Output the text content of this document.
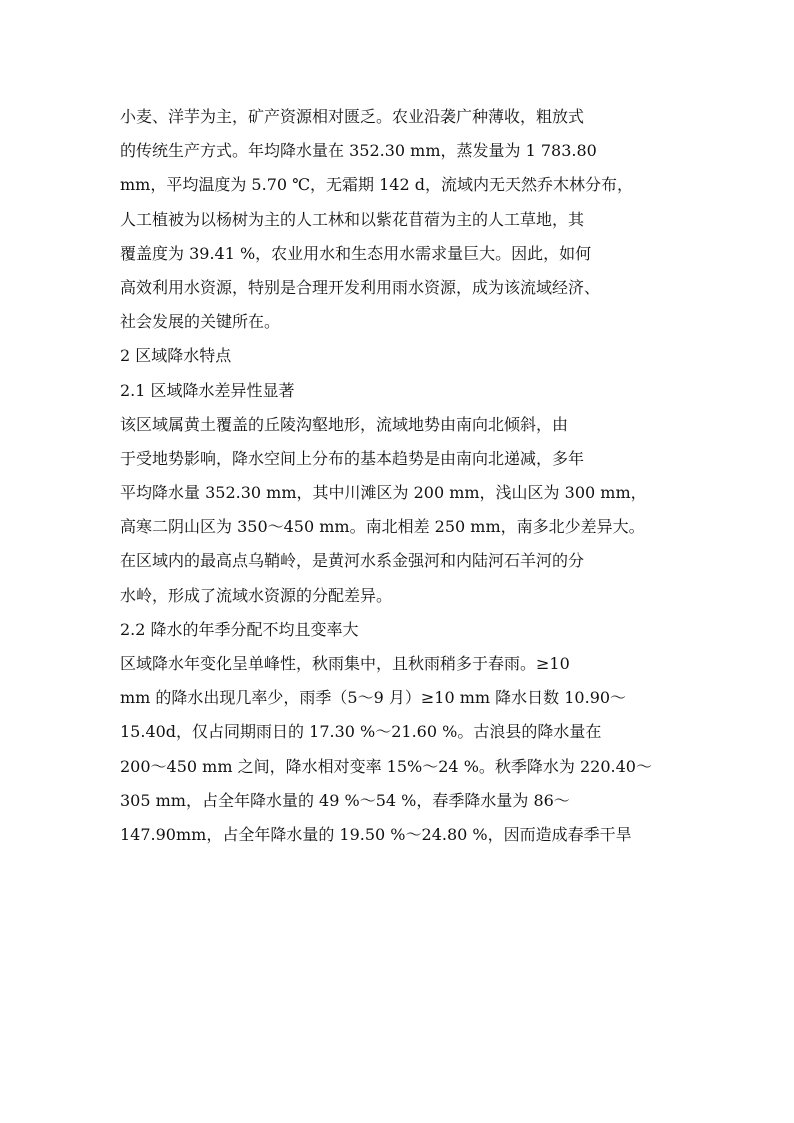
小麦、洋芋为主，矿产资源相对匮乏。农业沿袭广种薄收，粗放式
的传统生产方式。年均降水量在 352.30 mm，蒸发量为 1 783.80
mm，平均温度为 5.70 ℃，无霜期 142 d，流域内无天然乔木林分布，
人工植被为以杨树为主的人工林和以紫花苜蓿为主的人工草地，其
覆盖度为 39.41 %，农业用水和生态用水需求量巨大。因此，如何
高效利用水资源，特别是合理开发利用雨水资源，成为该流域经济、
社会发展的关键所在。
2 区域降水特点
2.1 区域降水差异性显著
该区域属黄土覆盖的丘陵沟壑地形，流域地势由南向北倾斜，由
于受地势影响，降水空间上分布的基本趋势是由南向北递减，多年
平均降水量 352.30 mm，其中川滩区为 200 mm，浅山区为 300 mm，
高寒二阴山区为 350～450 mm。南北相差 250 mm，南多北少差异大。
在区域内的最高点乌鞘岭，是黄河水系金强河和内陆河石羊河的分
水岭，形成了流域水资源的分配差异。
2.2 降水的年季分配不均且变率大
区域降水年变化呈单峰性，秋雨集中，且秋雨稍多于春雨。≥10
mm 的降水出现几率少，雨季（5～9 月）≥10 mm 降水日数 10.90～
15.40d，仅占同期雨日的 17.30 %～21.60 %。古浪县的降水量在
200～450 mm 之间，降水相对变率 15%～24 %。秋季降水为 220.40～
305 mm，占全年降水量的 49 %～54 %，春季降水量为 86～
147.90mm，占全年降水量的 19.50 %～24.80 %，因而造成春季干旱
